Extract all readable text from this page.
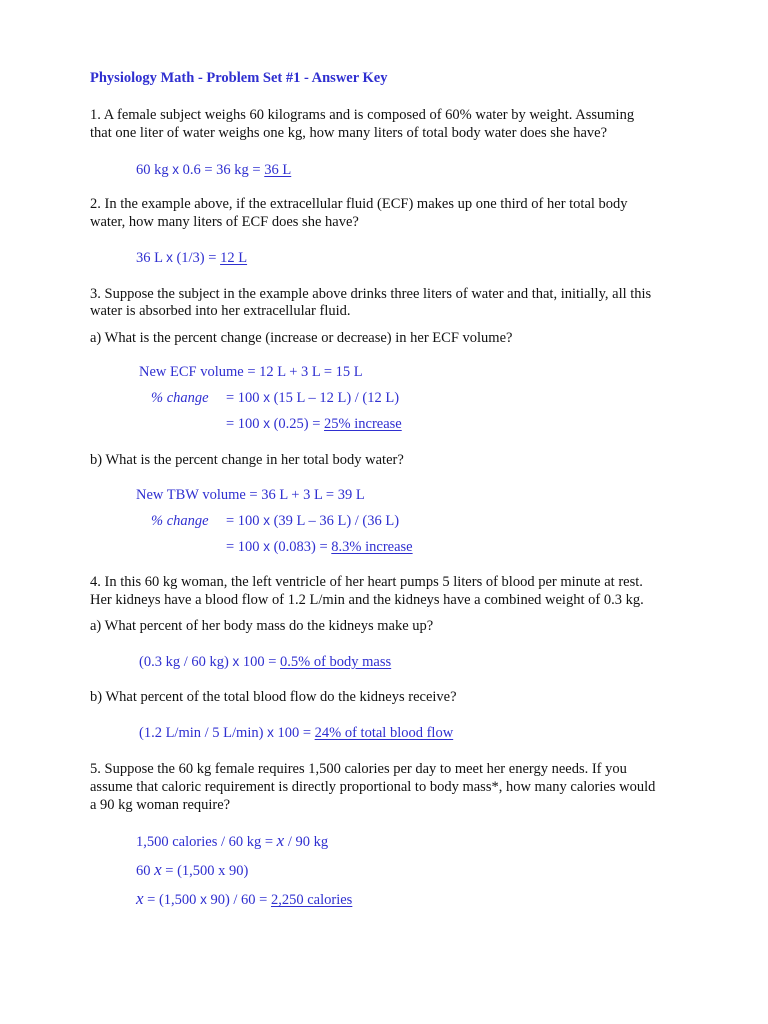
Physiology Math - Problem Set #1 - Answer Key
1. A female subject weighs 60 kilograms and is composed of 60% water by weight. Assuming
that one liter of water weighs one kg, how many liters of total body water does she have?
60 kg x 0.6 = 36 kg = 36 L
2. In the example above, if the extracellular fluid (ECF) makes up one third of her total body
water, how many liters of ECF does she have?
36 L x (1/3) = 12 L
3. Suppose the subject in the example above drinks three liters of water and that, initially, all this
water is absorbed into her extracellular fluid.
a) What is the percent change (increase or decrease) in her ECF volume?
New ECF volume = 12 L + 3 L = 15 L
% change = 100 x (15 L – 12 L) / (12 L)
= 100 x (0.25) = 25% increase
b) What is the percent change in her total body water?
New TBW volume = 36 L + 3 L = 39 L
% change = 100 x (39 L – 36 L) / (36 L)
= 100 x (0.083) = 8.3% increase
4. In this 60 kg woman, the left ventricle of her heart pumps 5 liters of blood per minute at rest.
Her kidneys have a blood flow of 1.2 L/min and the kidneys have a combined weight of 0.3 kg.
a) What percent of her body mass do the kidneys make up?
(0.3 kg / 60 kg) x 100 = 0.5% of body mass
b) What percent of the total blood flow do the kidneys receive?
(1.2 L/min / 5 L/min) x 100 = 24% of total blood flow
5. Suppose the 60 kg female requires 1,500 calories per day to meet her energy needs. If you
assume that caloric requirement is directly proportional to body mass*, how many calories would
a 90 kg woman require?
1,500 calories / 60 kg = x / 90 kg
60 x = (1,500 x 90)
x = (1,500 x 90) / 60 = 2,250 calories
